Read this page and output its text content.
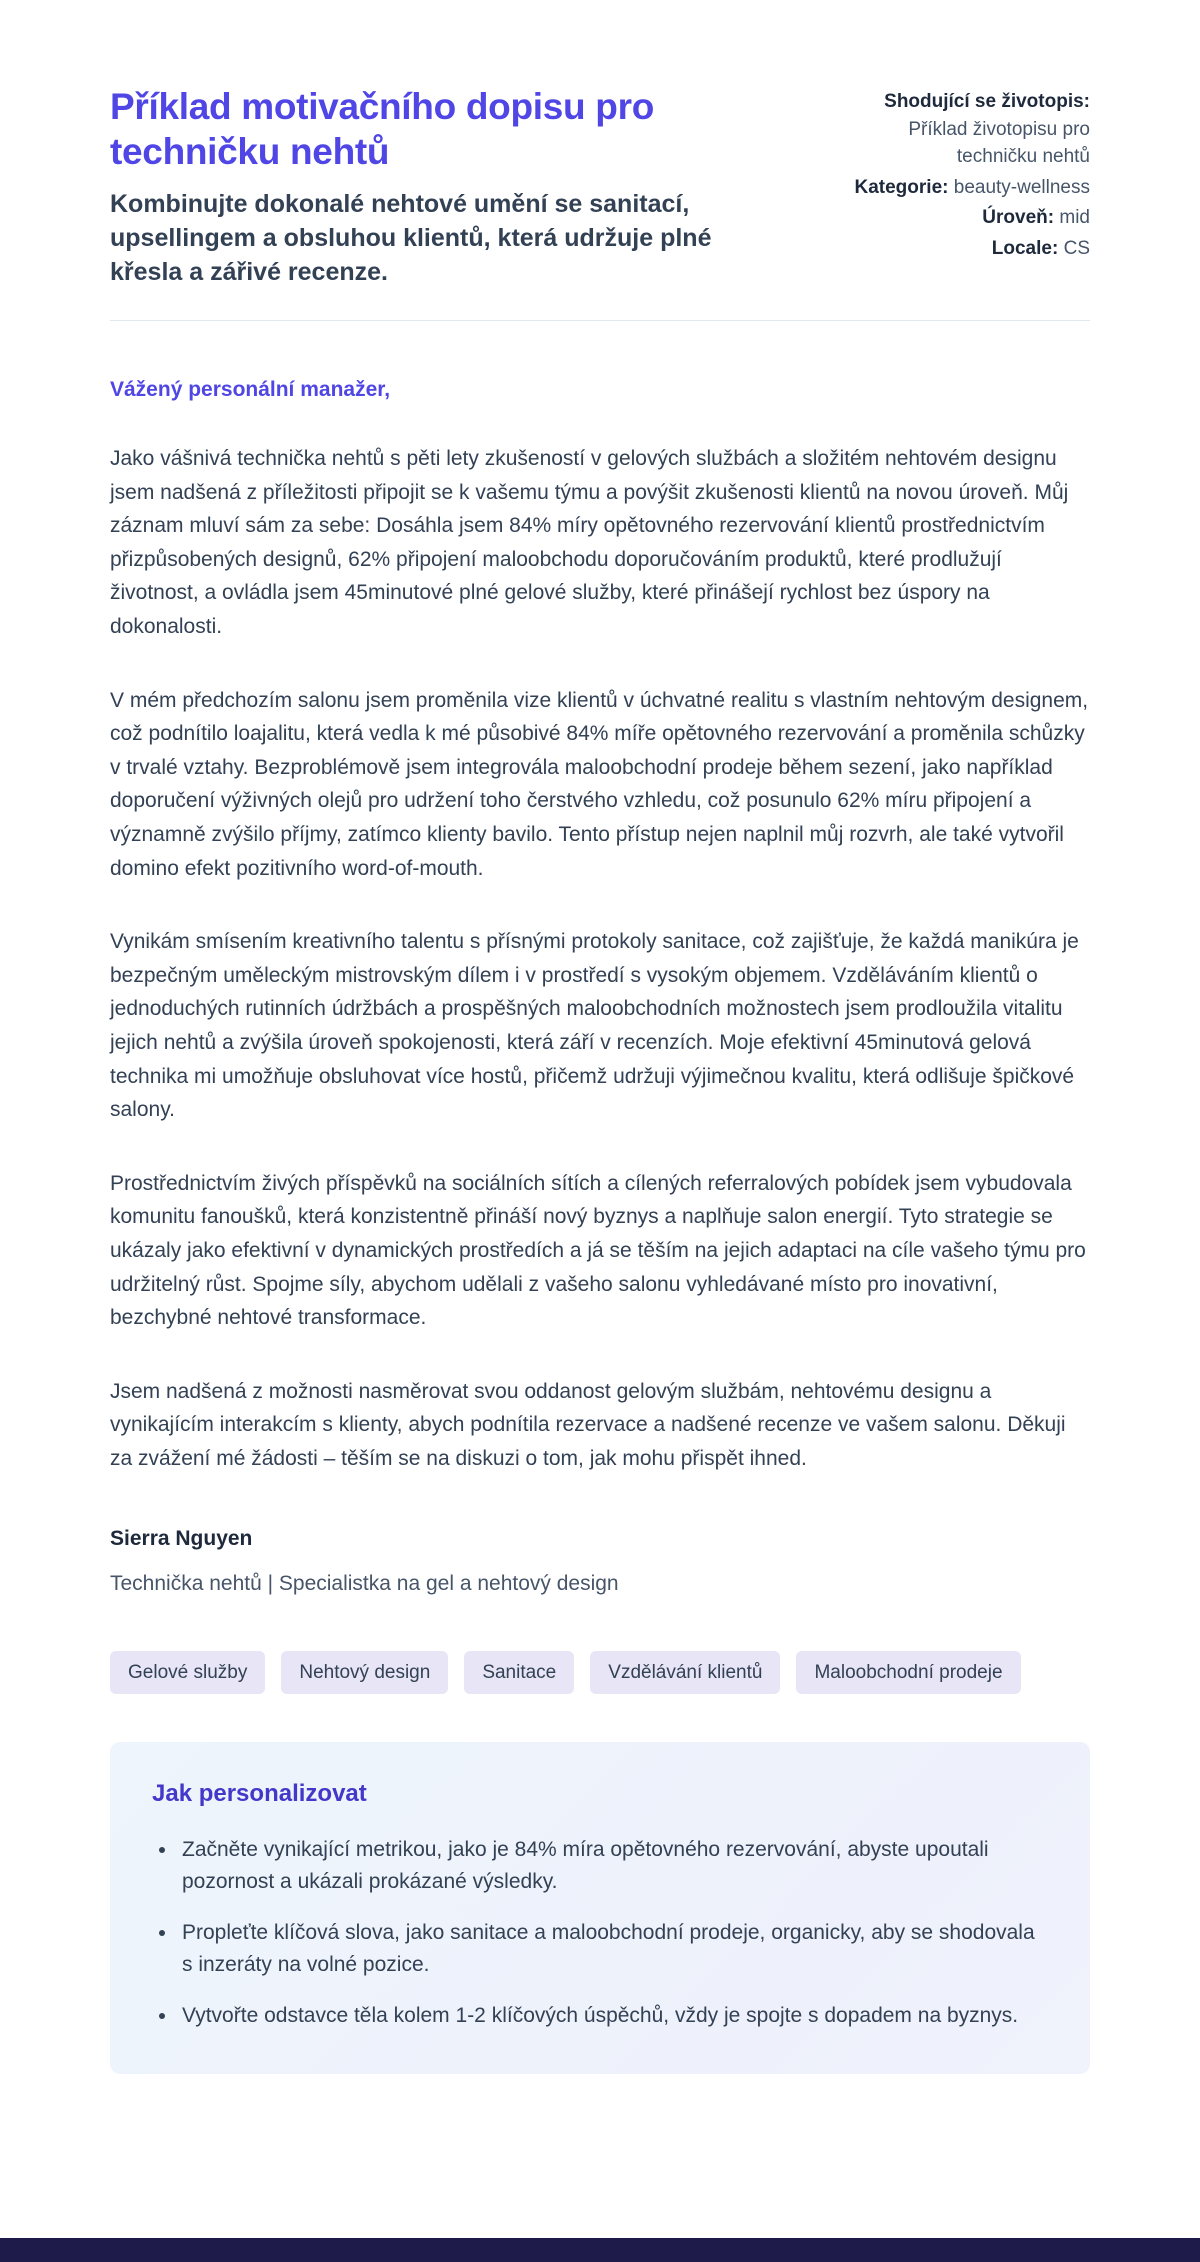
Příklad motivačního dopisu pro techničku nehtů

Kombinujte dokonalé nehtové umění se sanitací, upsellingem a obsluhou klientů, která udržuje plné křesla a zářivé recenze.

Shodující se životopis:
Příklad životopisu pro techničku nehtů
Kategorie: beauty-wellness
Úroveň: mid
Locale: CS

Vážený personální manažer,

Jako vášnivá technička nehtů s pěti lety zkušeností v gelových službách a složitém nehtovém designu jsem nadšená z příležitosti připojit se k vašemu týmu a povýšit zkušenosti klientů na novou úroveň. Můj záznam mluví sám za sebe: Dosáhla jsem 84% míry opětovného rezervování klientů prostřednictvím přizpůsobených designů, 62% připojení maloobchodu doporučováním produktů, které prodlužují životnost, a ovládla jsem 45minutové plné gelové služby, které přinášejí rychlost bez úspory na dokonalosti.

V mém předchozím salonu jsem proměnila vize klientů v úchvatné realitu s vlastním nehtovým designem, což podnítilo loajalitu, která vedla k mé působivé 84% míře opětovného rezervování a proměnila schůzky v trvalé vztahy. Bezproblémově jsem integrovála maloobchodní prodeje během sezení, jako například doporučení výživných olejů pro udržení toho čerstvého vzhledu, což posunulo 62% míru připojení a významně zvýšilo příjmy, zatímco klienty bavilo. Tento přístup nejen naplnil můj rozvrh, ale také vytvořil domino efekt pozitivního word-of-mouth.

Vynikám smísením kreativního talentu s přísnými protokoly sanitace, což zajišťuje, že každá manikúra je bezpečným uměleckým mistrovským dílem i v prostředí s vysokým objemem. Vzděláváním klientů o jednoduchých rutinních údržbách a prospěšných maloobchodních možnostech jsem prodloužila vitalitu jejich nehtů a zvýšila úroveň spokojenosti, která září v recenzích. Moje efektivní 45minutová gelová technika mi umožňuje obsluhovat více hostů, přičemž udržuji výjimečnou kvalitu, která odlišuje špičkové salony.

Prostřednictvím živých příspěvků na sociálních sítích a cílených referralových pobídek jsem vybudovala komunitu fanoušků, která konzistentně přináší nový byznys a naplňuje salon energií. Tyto strategie se ukázaly jako efektivní v dynamických prostředích a já se těším na jejich adaptaci na cíle vašeho týmu pro udržitelný růst. Spojme síly, abychom udělali z vašeho salonu vyhledávané místo pro inovativní, bezchybné nehtové transformace.

Jsem nadšená z možnosti nasměrovat svou oddanost gelovým službám, nehtovému designu a vynikajícím interakcím s klienty, abych podnítila rezervace a nadšené recenze ve vašem salonu. Děkuji za zvážení mé žádosti – těším se na diskuzi o tom, jak mohu přispět ihned.

Sierra Nguyen

Technička nehtů | Specialistka na gel a nehtový design

Gelové služby	Nehtový design	Sanitace	Vzdělávání klientů	Maloobchodní prodeje
Jak personalizovat
• Začněte vynikající metrikou, jako je 84% míra opětovného rezervování, abyste upoutali pozornost a ukázali prokázané výsledky.
• Propleťte klíčová slova, jako sanitace a maloobchodní prodeje, organicky, aby se shodovala s inzeráty na volné pozice.
• Vytvořte odstavce těla kolem 1-2 klíčových úspěchů, vždy je spojte s dopadem na byznys.
